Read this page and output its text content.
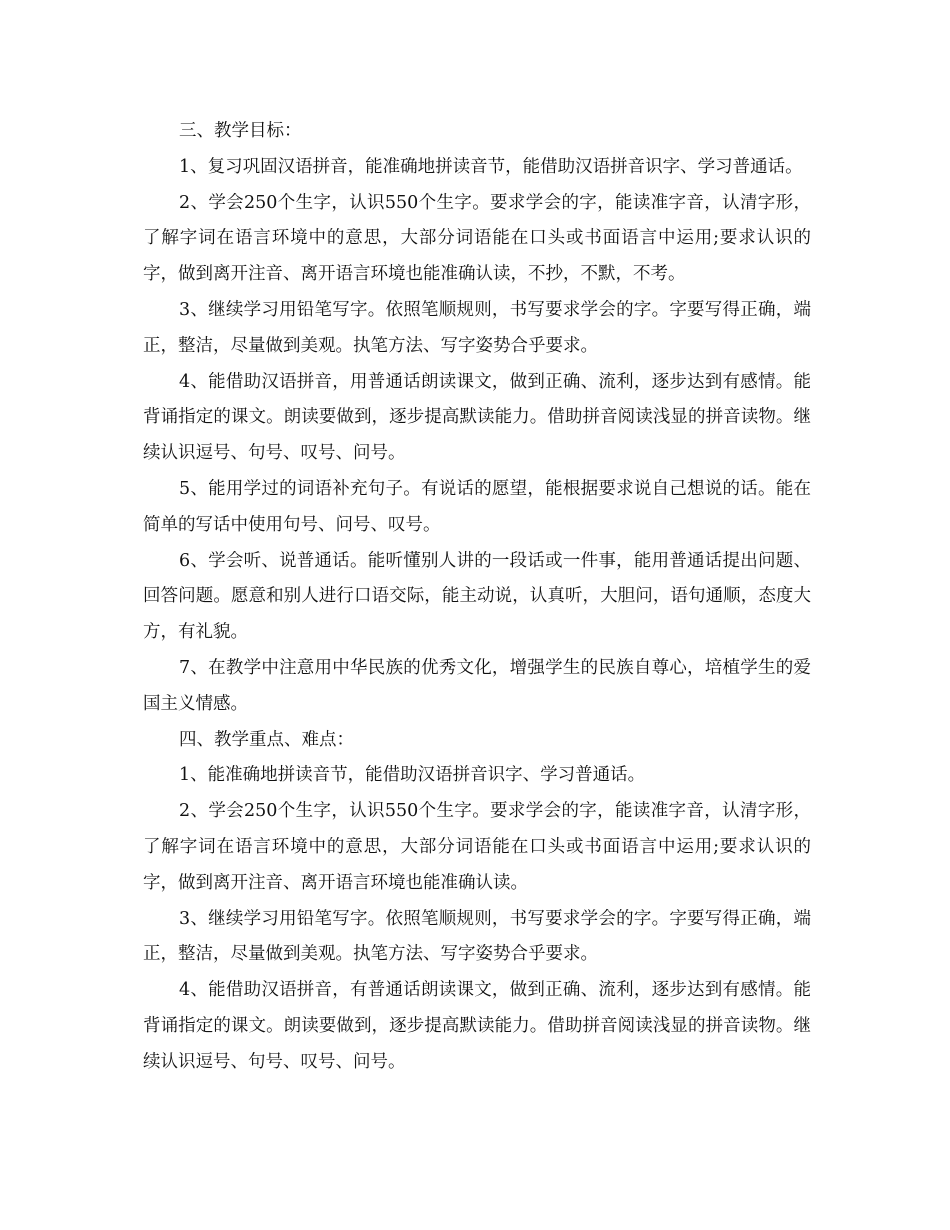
三、教学目标：

1、复习巩固汉语拼音，能准确地拼读音节，能借助汉语拼音识字、学习普通话。

2、学会250个生字，认识550个生字。要求学会的字，能读准字音，认清字形，了解字词在语言环境中的意思，大部分词语能在口头或书面语言中运用;要求认识的字，做到离开注音、离开语言环境也能准确认读，不抄，不默，不考。

3、继续学习用铅笔写字。依照笔顺规则，书写要求学会的字。字要写得正确，端正，整洁，尽量做到美观。执笔方法、写字姿势合乎要求。

4、能借助汉语拼音，用普通话朗读课文，做到正确、流利，逐步达到有感情。能背诵指定的课文。朗读要做到，逐步提高默读能力。借助拼音阅读浅显的拼音读物。继续认识逗号、句号、叹号、问号。

5、能用学过的词语补充句子。有说话的愿望，能根据要求说自己想说的话。能在简单的写话中使用句号、问号、叹号。

6、学会听、说普通话。能听懂别人讲的一段话或一件事，能用普通话提出问题、回答问题。愿意和别人进行口语交际，能主动说，认真听，大胆问，语句通顺，态度大方，有礼貌。

7、在教学中注意用中华民族的优秀文化，增强学生的民族自尊心，培植学生的爱国主义情感。

四、教学重点、难点：

1、能准确地拼读音节，能借助汉语拼音识字、学习普通话。

2、学会250个生字，认识550个生字。要求学会的字，能读准字音，认清字形，了解字词在语言环境中的意思，大部分词语能在口头或书面语言中运用;要求认识的字，做到离开注音、离开语言环境也能准确认读。

3、继续学习用铅笔写字。依照笔顺规则，书写要求学会的字。字要写得正确，端正，整洁，尽量做到美观。执笔方法、写字姿势合乎要求。

4、能借助汉语拼音，有普通话朗读课文，做到正确、流利，逐步达到有感情。能背诵指定的课文。朗读要做到，逐步提高默读能力。借助拼音阅读浅显的拼音读物。继续认识逗号、句号、叹号、问号。
